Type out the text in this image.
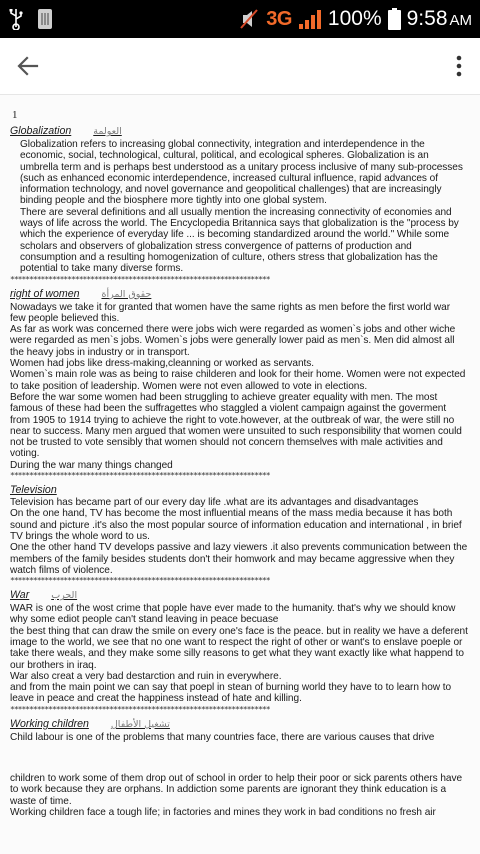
3G 100% 9:58 AM
1
Globalization العولمة

Globalization refers to increasing global connectivity, integration and interdependence in the economic, social, technological, cultural, political, and ecological spheres. Globalization is an umbrella term and is perhaps best understood as a unitary process inclusive of many sub-processes (such as enhanced economic interdependence, increased cultural influence, rapid advances of information technology, and novel governance and geopolitical challenges) that are increasingly binding people and the biosphere more tightly into one global system.

There are several definitions and all usually mention the increasing connectivity of economies and ways of life across the world. The Encyclopedia Britannica says that globalization is the "process by which the experience of everyday life ... is becoming standardized around the world." While some scholars and observers of globalization stress convergence of patterns of production and consumption and a resulting homogenization of culture, others stress that globalization has the potential to take many diverse forms.

********************************************************************
right of women حقوق المرأة

Nowadays we take it for granted that women have the same rights as men before the first world war few people believed this.

As far as work was concerned there were jobs wich were regarded as women`s jobs and other wiche were regarded as men`s jobs. Women`s jobs were generally lower paid as men`s. Men did almost all the heavy jobs in industry or in transport.

Women had jobs like dress-making,cleanning or worked as servants.

Women`s main role was as being to raise childeren and look for their home. Women were not expected to take position of leadership. Women were not even allowed to vote in elections.

Before the war some women had been struggling to achieve greater equality with men. The most famous of these had been the suffragettes who staggled a violent campaign against the goverment from 1905 to 1914 trying to achieve the right to vote.however, at the outbreak of war, the were still no near to success. Many men argued that women were unsuited to such responsibility that women could not be trusted to vote sensibly that women should not concern themselves with male activities and voting.

During the war many things changed

********************************************************************
Television

Television has became part of our every day life .what are its advantages and disadvantages

On the one hand, TV has become the most influential means of the mass media because it has both sound and picture .it's also the most popular source of information education and international , in brief TV brings the whole word to us.

One the other hand TV develops passive and lazy viewers .it also prevents communication between the members of the family besides students don't their homwork and may became aggressive when they watch films of violence.

********************************************************************
War الحرب

WAR is one of the wost crime that pople have ever made to the humanity. that's why we should know why some ediot people can't stand leaving in peace becuase

the best thing that can draw the smile on every one's face is the peace. but in reality we have a deferent image to the world, we see that no one want to respect the right of other or want's to enslave poeple or take there weals, and they make some silly reasons to get what they want exactly like what happend to our brothers in iraq.

War also creat a very bad destarction and ruin in everywhere.

and from the main point we can say that poepl in stean of burning world they have to to learn how to leave in peace and creat the happiness instead of hate and killing.

********************************************************************
Working children تشغيل الأطفال

Child labour is one of the problems that many countries face, there are various causes that drive

children to work some of them drop out of school in order to help their poor or sick parents others have to work because they are orphans. In addiction some parents are ignorant they think education is a waste of time.

Working children face a tough life; in factories and mines they work in bad conditions no fresh air
